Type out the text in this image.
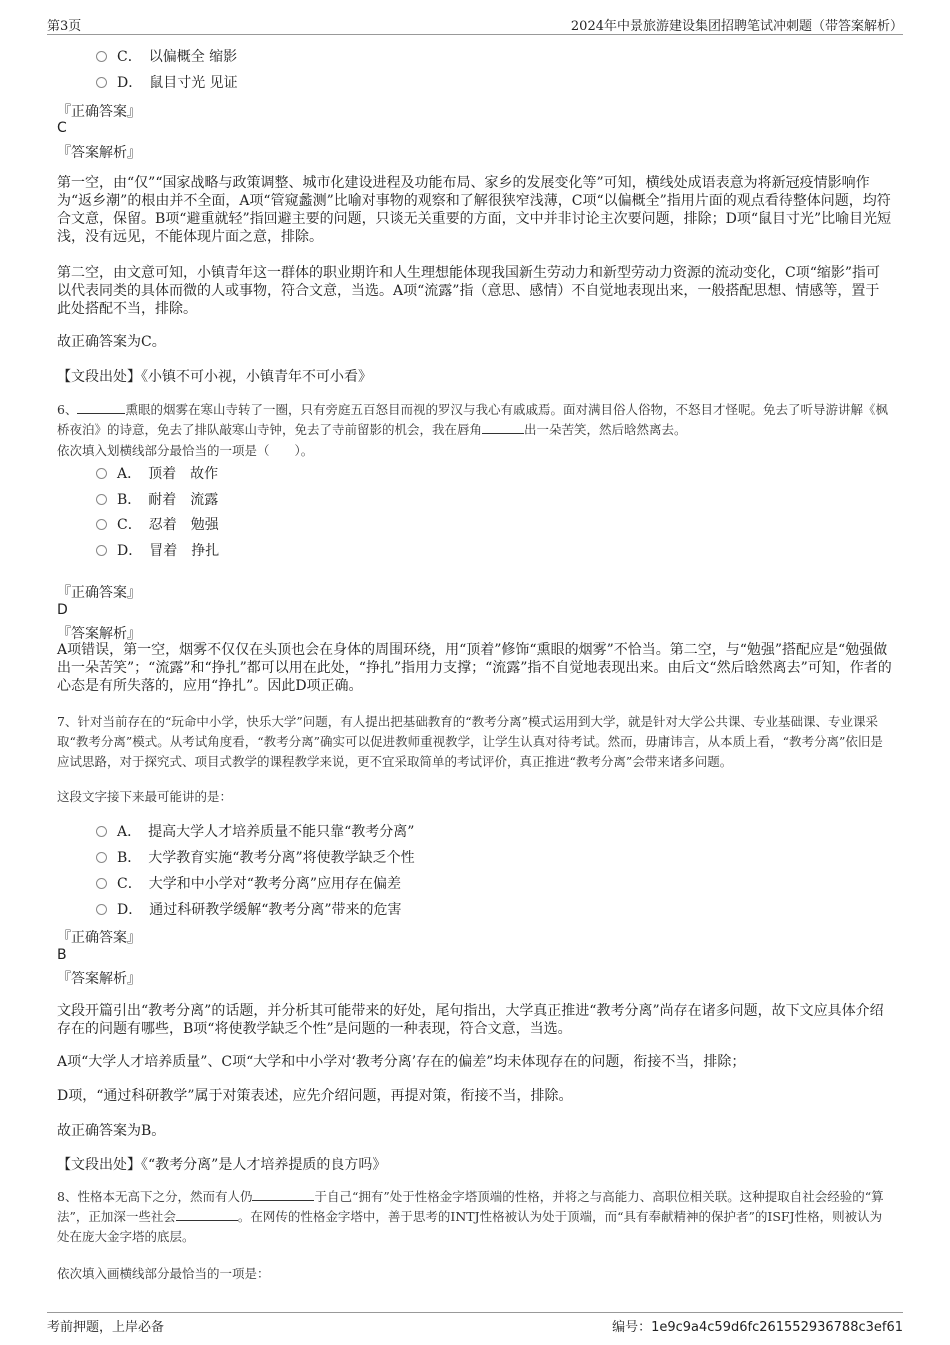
第3页	2024年中景旅游建设集团招聘笔试冲刺题（带答案解析）
C．　以偏概全 缩影
D．　鼠目寸光 见证
『正确答案』
C
『答案解析』
第一空，由“仅”“国家战略与政策调整、城市化建设进程及功能布局、家乡的发展变化等”可知，横线处成语表意为将新冠疫情影响作为“返乡潮”的根由并不全面，A项“管窥蠡测”比喻对事物的观察和了解很狭窄浅薄，C项“以偏概全”指用片面的观点看待整体问题，均符合文意，保留。B项“避重就轻”指回避主要的问题，只谈无关重要的方面，文中并非讨论主次要问题，排除；D项“鼠目寸光”比喻目光短浅，没有远见，不能体现片面之意，排除。
第二空，由文意可知，小镇青年这一群体的职业期许和人生理想能体现我国新生劳动力和新型劳动力资源的流动变化，C项“缩影”指可以代表同类的具体而微的人或事物，符合文意，当选。A项“流露”指（意思、感情）不自觉地表现出来，一般搭配思想、情感等，置于此处搭配不当，排除。
故正确答案为C。
【文段出处】《小镇不可小视，小镇青年不可小看》
6、	熏眼的烟雾在寒山寺转了一圈，只有旁庭五百怒目而视的罗汉与我心有戚戚焉。面对满目俗人俗物，不怒目才怪呢。免去了听导游讲解《枫桥夜泊》的诗意，免去了排队敲寒山寺钟，免去了寺前留影的机会，我在唇角	出一朵苦笑，然后晗然离去。
依次填入划横线部分最恰当的一项是（　　）。
A．　顶着　故作
B．　耐着　流露
C．　忍着　勉强
D．　冒着　挣扎
『正确答案』
D
『答案解析』
A项错误，第一空，烟雾不仅仅在头顶也会在身体的周围环绕，用“顶着”修饰“熏眼的烟雾”不恰当。第二空，与“勉强”搭配应是“勉强做出一朵苦笑”；“流露”和“挣扎”都可以用在此处，“挣扎”指用力支撑；“流露”指不自觉地表现出来。由后文“然后晗然离去”可知，作者的心态是有所失落的，应用“挣扎”。因此D项正确。
7、针对当前存在的“玩命中小学，快乐大学”问题，有人提出把基础教育的“教考分离”模式运用到大学，就是针对大学公共课、专业基础课、专业课采取“教考分离”模式。从考试角度看，“教考分离”确实可以促进教师重视教学，让学生认真对待考试。然而，毋庸讳言，从本质上看，“教考分离”依旧是应试思路，对于探究式、项目式教学的课程教学来说，更不宜采取简单的考试评价，真正推进“教考分离”会带来诸多问题。
这段文字接下来最可能讲的是：
A．　提高大学人才培养质量不能只靠“教考分离”
B．　大学教育实施“教考分离”将使教学缺乏个性
C．　大学和中小学对“教考分离”应用存在偏差
D．　通过科研教学缓解“教考分离”带来的危害
『正确答案』
B
『答案解析』
文段开篇引出“教考分离”的话题，并分析其可能带来的好处，尾句指出，大学真正推进“教考分离”尚存在诸多问题，故下文应具体介绍存在的问题有哪些，B项“将使教学缺乏个性”是问题的一种表现，符合文意，当选。
A项“大学人才培养质量”、C项“大学和中小学对‘教考分离’存在的偏差”均未体现存在的问题，衔接不当，排除；
D项，“通过科研教学”属于对策表述，应先介绍问题，再提对策，衔接不当，排除。
故正确答案为B。
【文段出处】《“教考分离”是人才培养提质的良方吗》
8、性格本无高下之分，然而有人仍	于自己“拥有”处于性格金字塔顶端的性格，并将之与高能力、高职位相关联。这种提取自社会经验的“算法”，正加深一些社会	。在网传的性格金字塔中，善于思考的INTJ性格被认为处于顶端，而“具有奉献精神的保护者”的ISFJ性格，则被认为处在庞大金字塔的底层。
依次填入画横线部分最恰当的一项是：
考前押题，上岸必备	编号：1e9c9a4c59d6fc261552936788c3ef61
